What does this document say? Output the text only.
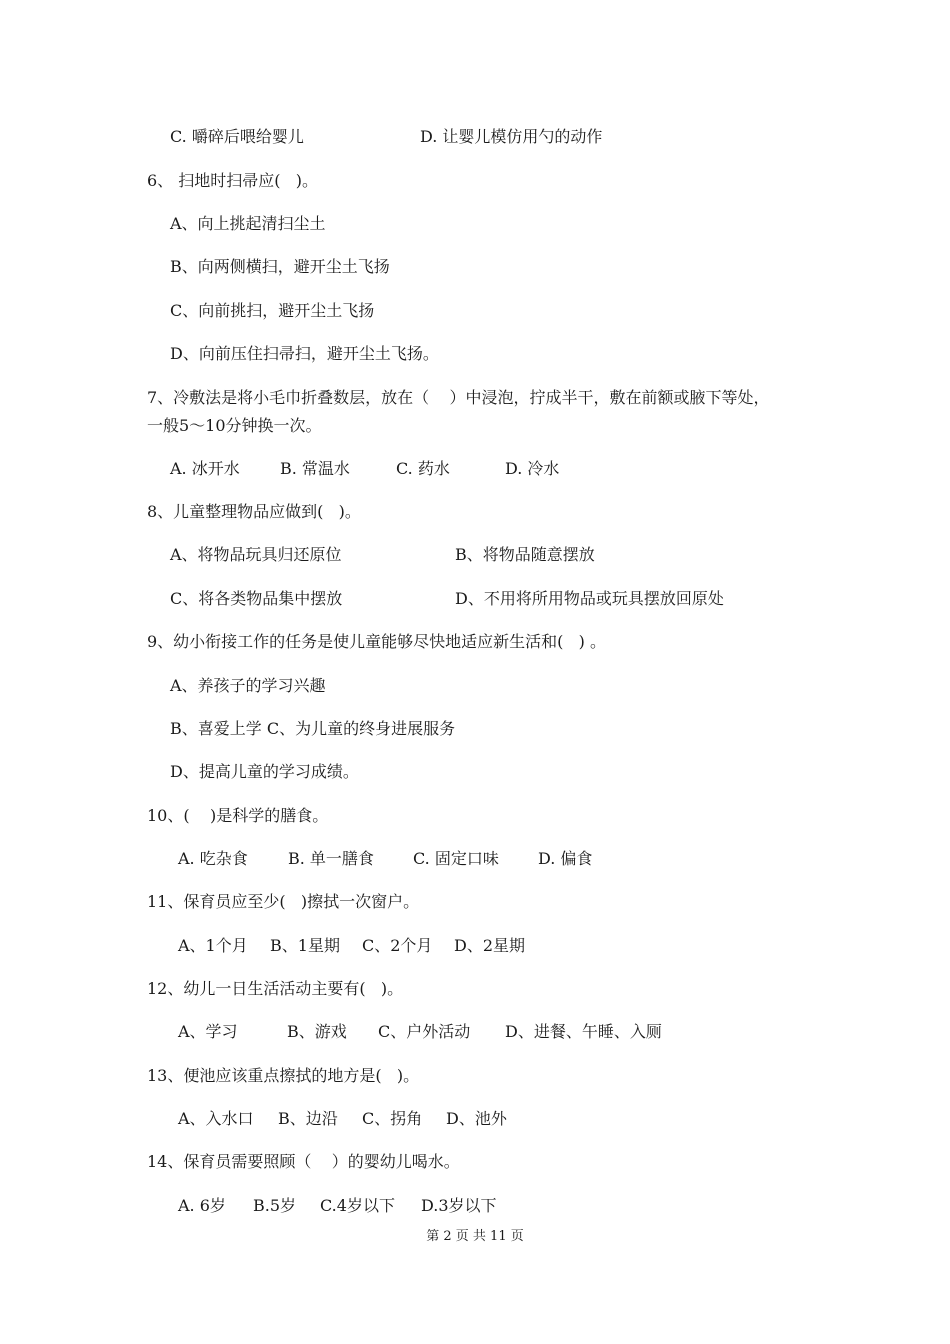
C. 嚼碎后喂给婴儿	D. 让婴儿模仿用勺的动作
6、 扫地时扫帚应(   )。
A、向上挑起清扫尘土
B、向两侧横扫，避开尘土飞扬
C、向前挑扫，避开尘土飞扬
D、向前压住扫帚扫，避开尘土飞扬。
7、冷敷法是将小毛巾折叠数层，放在（    ）中浸泡，拧成半干，敷在前额或腋下等处，
一般5～10分钟换一次。
A. 冰开水	B. 常温水	C. 药水	D. 冷水
8、儿童整理物品应做到(   )。
A、将物品玩具归还原位	B、将物品随意摆放
C、将各类物品集中摆放	D、不用将所用物品或玩具摆放回原处
9、幼小衔接工作的任务是使儿童能够尽快地适应新生活和(   ) 。
A、养孩子的学习兴趣
B、喜爱上学 C、为儿童的终身进展服务
D、提高儿童的学习成绩。
10、(    )是科学的膳食。
A. 吃杂食	B. 单一膳食 C. 固定口味 D. 偏食
11、保育员应至少(   )擦拭一次窗户。
A、1个月 B、1星期 C、2个月 D、2星期
12、幼儿一日生活活动主要有(   )。
A、学习	B、游戏 C、户外活动 D、进餐、午睡、入厕
13、便池应该重点擦拭的地方是(   )。
A、入水口 B、边沿 C、拐角 D、池外
14、保育员需要照顾（    ）的婴幼儿喝水。
A. 6岁 B.5岁 C.4岁以下 D.3岁以下
第 2 页 共 11 页
